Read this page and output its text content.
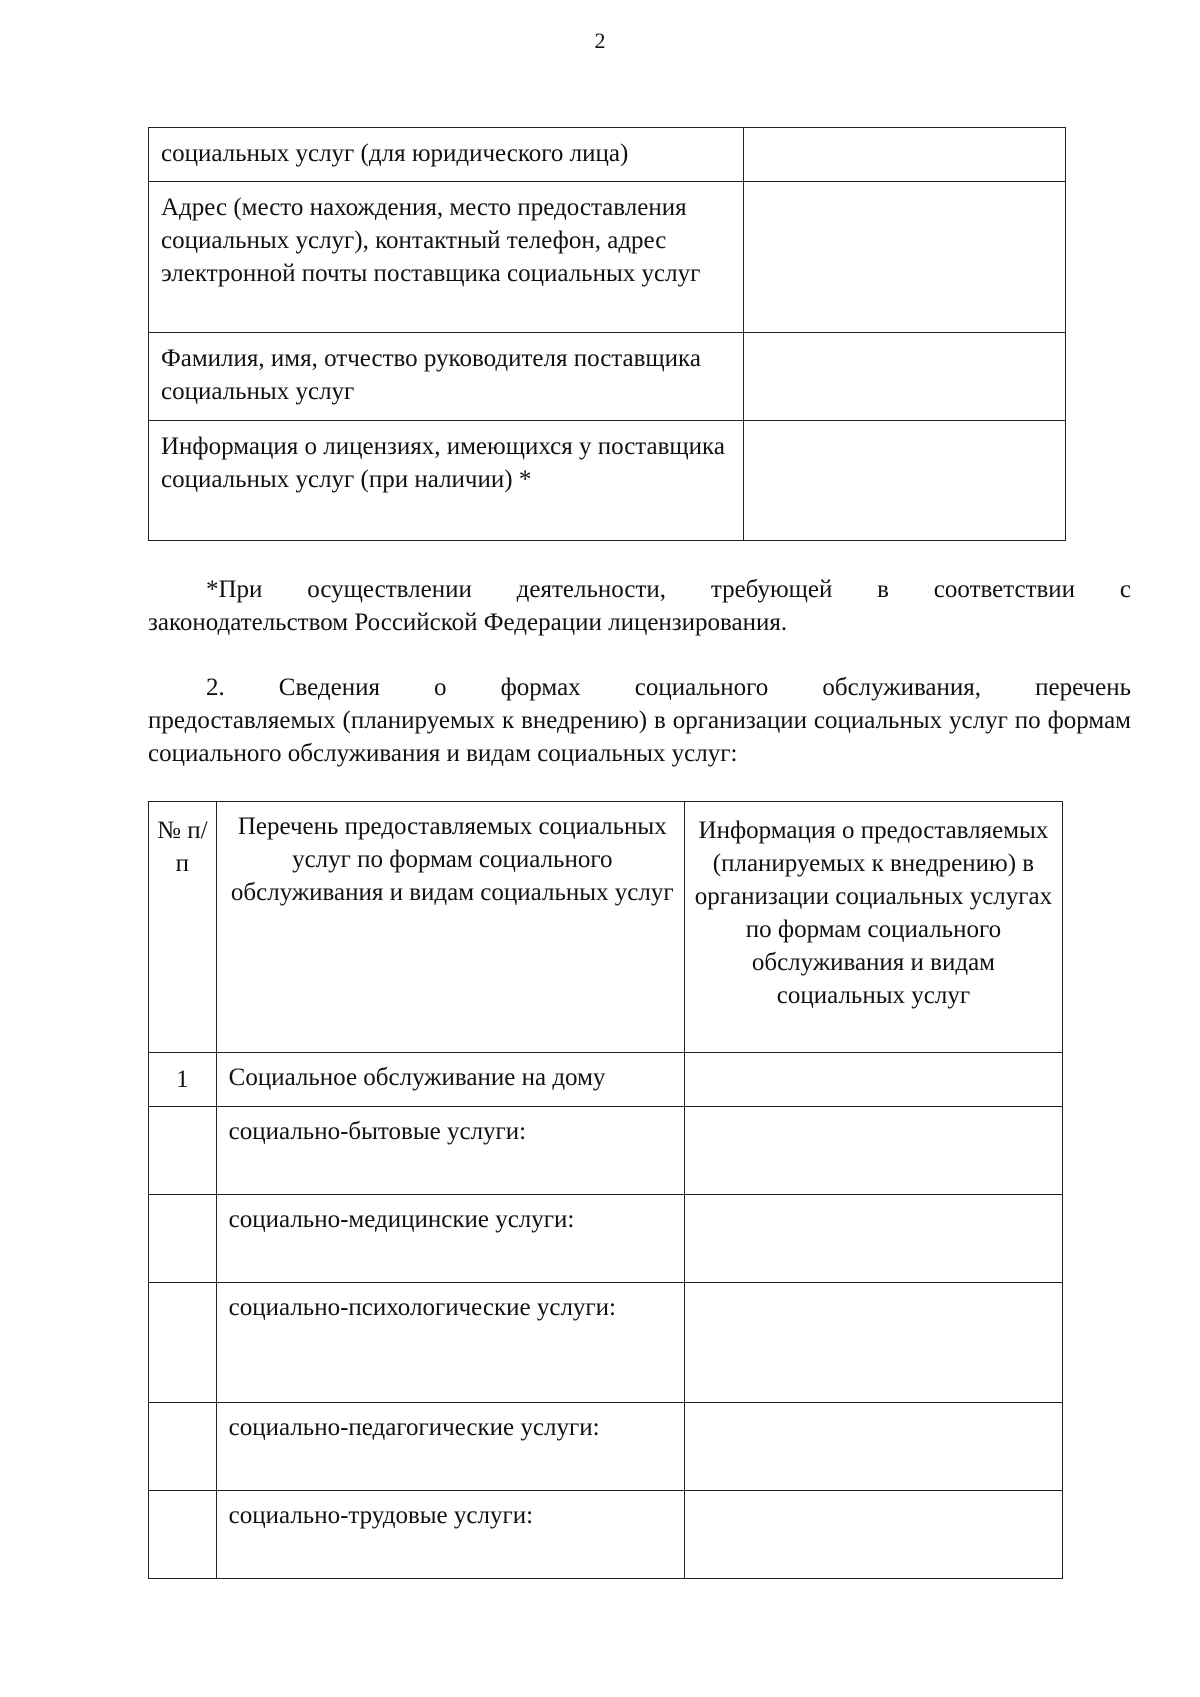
2
социальных услуг (для юридического лица)	
Адрес (место нахождения, место предоставления социальных услуг), контактный телефон, адрес электронной почты поставщика социальных услуг	
Фамилия, имя, отчество руководителя поставщика социальных услуг	
Информация о лицензиях, имеющихся у поставщика социальных услуг (при наличии) *	
*При осуществлении деятельности, требующей в соответствии с
законодательством Российской Федерации лицензирования.
2. Сведения о формах социального обслуживания, перечень
предоставляемых (планируемых к внедрению) в организации социальных услуг по формам социального обслуживания и видам социальных услуг:
№ п/п	Перечень предоставляемых социальных услуг по формам социального обслуживания и видам социальных услуг	Информация о предоставляемых (планируемых к внедрению) в организации социальных услугах по формам социального обслуживания и видам социальных услуг
1	Социальное обслуживание на дому	
	социально-бытовые услуги:	
	социально-медицинские услуги:	
	социально-психологические услуги:	
	социально-педагогические услуги:	
	социально-трудовые услуги:	
